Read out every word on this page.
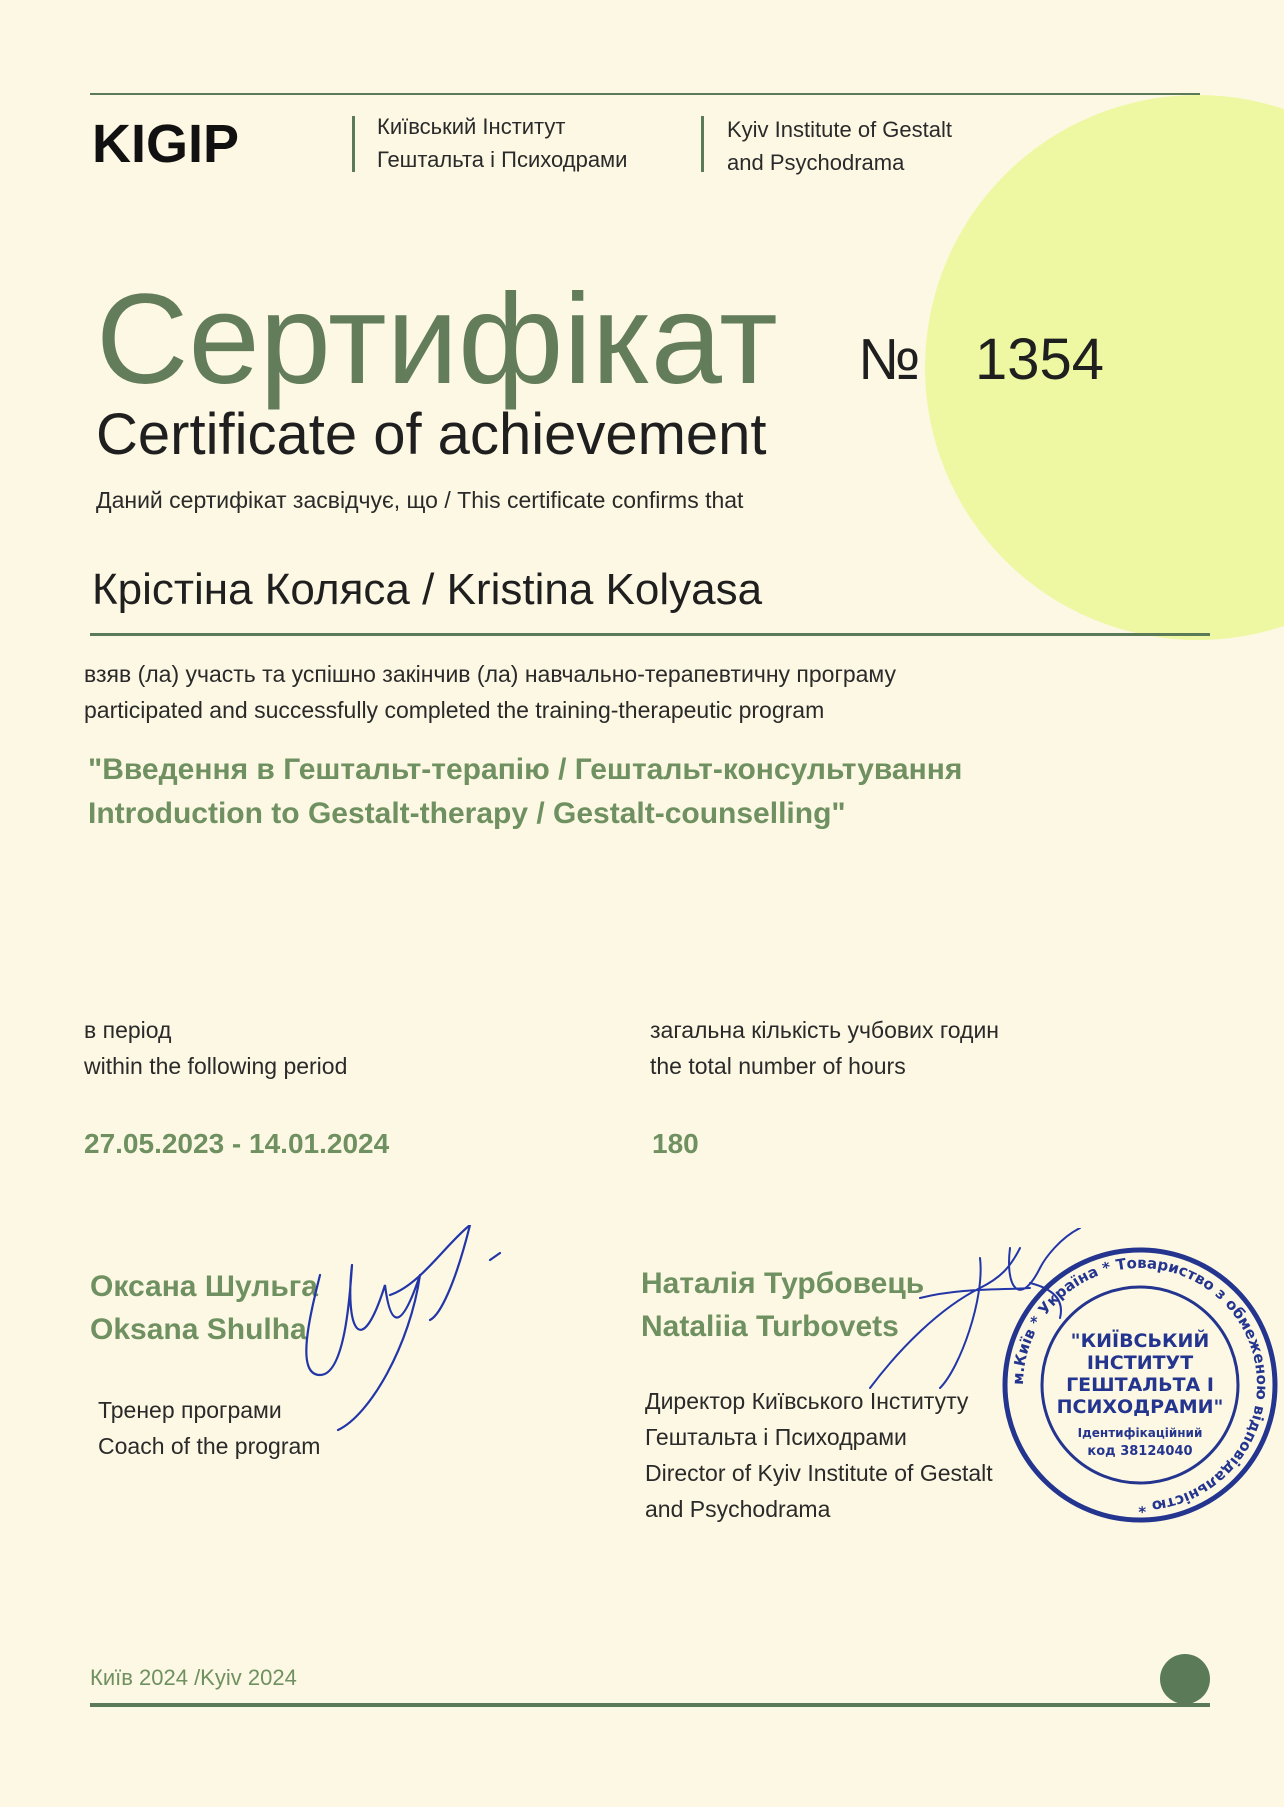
KIGIP	Київський Інститут
Гештальта і Психодрами
Kyiv Institute of Gestalt
and Psychodrama
Сертифікат
Certificate of achievement
№ 1354
Даний сертифікат засвідчує, що / This certificate confirms that
Крістіна Коляса / Kristina Kolyasa
взяв (ла) участь та успішно закінчив (ла) навчально-терапевтичну програму
participated and successfully completed the training-therapeutic program
"Введення в Гештальт-терапію / Гештальт-консультування
Introduction to Gestalt-therapy / Gestalt-counselling"
в період
within the following period
загальна кількість учбових годин
the total number of hours
27.05.2023 - 14.01.2024	180
Оксана Шульга
Oksana Shulha
Тренер програми
Coach of the program
Наталія Турбовець
Nataliia Turbovets
Директор Київського Інституту
Гештальта і Психодрами
Director of Kyiv Institute of Gestalt
and Psychodrama
м.Київ * Україна * Товариство з обмеженою відповідальністю *
"КИЇВСЬКИЙ
ІНСТИТУТ
ГЕШТАЛЬТА І
ПСИХОДРАМИ"
Ідентифікаційний
код 38124040
Київ 2024 /Kyiv 2024
